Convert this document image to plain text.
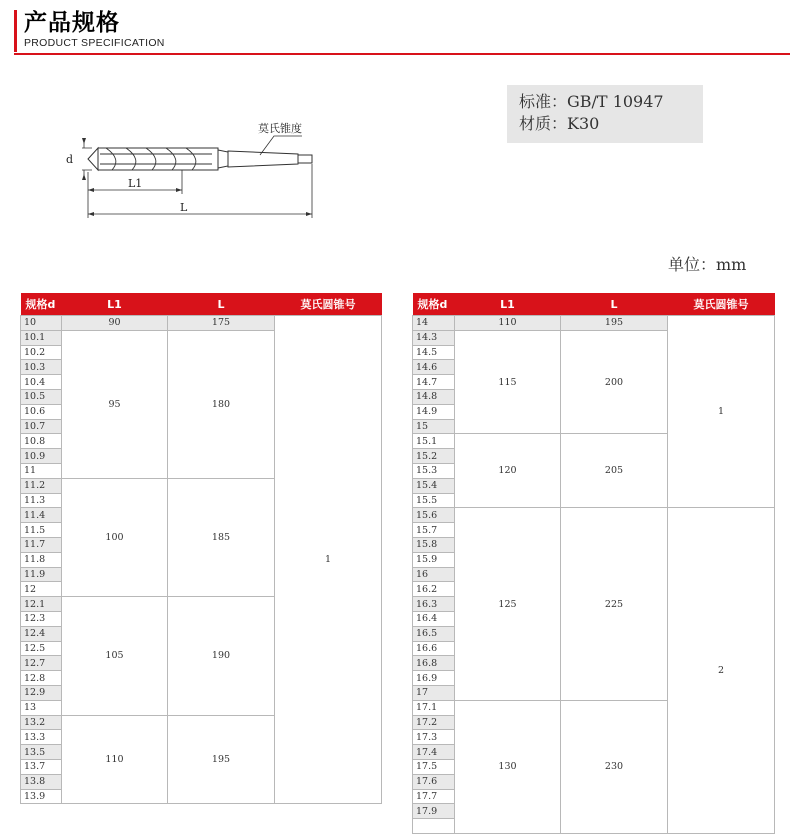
产品规格
PRODUCT SPECIFICATION
莫氏锥度
d
L1
L
标准：GB/T 10947
材质：K30
单位：mm
规格d	L1	L	莫氏圆锥号
10	90	175	1
10.1	95	180	
10.2			
10.3			
10.4			
10.5			
10.6			
10.7			
10.8			
10.9			
11			
11.2	100	185	
11.3			
11.4			
11.5			
11.7			
11.8			
11.9			
12			
12.1	105	190	
12.3			
12.4			
12.5			
12.7			
12.8			
12.9			
13			
13.2	110	195	
13.3			
13.5			
13.7			
13.8			
13.9			
规格d	L1	L	莫氏圆锥号
14	110	195	1
14.3	115	200	
14.5			
14.6			
14.7			
14.8			
14.9			
15			
15.1	120	205	
15.2			
15.3			
15.4			
15.5			
15.6	125	225	2
15.7			
15.8			
15.9			
16			
16.2			
16.3			
16.4			
16.5			
16.6			
16.8			
16.9			
17			
17.1	130	230	
17.2			
17.3			
17.4			
17.5			
17.6			
17.7			
17.9			
